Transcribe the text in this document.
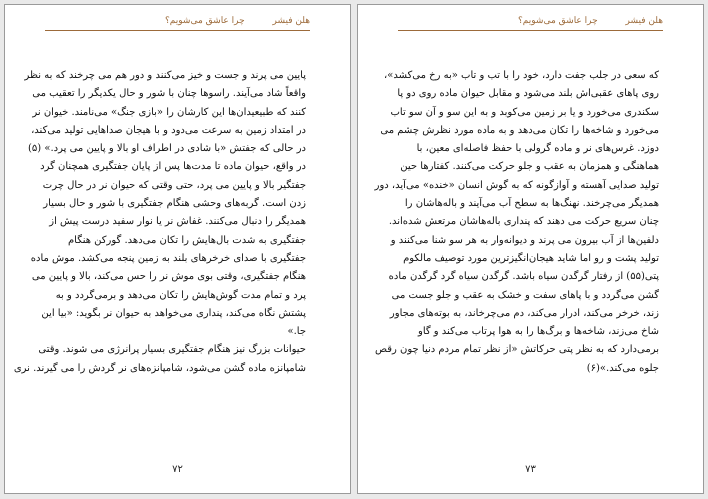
چرا عاشق می‌شویم؟	هلن فیشر
پایین می پرند و جست و خیز می‌کنند و دور هم می چرخند که به نظر
واقعاً شاد می‌آیند. راسوها چنان با شور و حال یکدیگر را تعقیب می
کنند که طبیعیدان‌ها این کارشان را «بازی جنگ» می‌نامند. خیوان نر
در امتداد زمین به سرعت می‌دود و با هیجان صداهایی تولید می‌کند،
در حالی که جفتش «با شادی در اطراف او بالا و پایین می پرد.» (۵)
در واقع، حیوان ماده تا مدت‌ها پس از پایان جفتگیری همچنان گرد
جفتگیر بالا و پایین می پرد، حتی وقتی که حیوان نر در حال چرت
زدن است. گربه‌های وحشی هنگام جفتگیری با شور و حال بسیار
همدیگر را دنبال می‌کنند. غفاش نر یا نوار سفید درست پیش از
جفتگیری به شدت بال‌هایش را تکان می‌دهد. گورکن هنگام
جفتگیری با صدای خرخرهای بلند به زمین پنجه می‌کشد. موش ماده
هنگام جفتگیری، وقتی بوی موش نر را حس می‌کند، بالا و پایین می
پرد و تمام مدت گوش‌هایش را تکان می‌دهد و برمی‌گردد و به
پشتش نگاه می‌کند، پنداری می‌خواهد به حیوان نر بگوید: «بیا این
جا.»
حیوانات بزرگ نیز هنگام جفتگیری بسیار پرانرژی می شوند. وقتی
شامپانزه ماده گشن می‌شود، شامپانزه‌های نر گردش را می گیرند. نری
۷۲
چرا عاشق می‌شویم؟	هلن فیشر
که سعی در جلب جفت دارد، خود را با تب و تاب «به رخ می‌کشد»،
روی پاهای عقبی‌اش بلند می‌شود و مقابل حیوان ماده روی دو پا
سکندری می‌خورد و یا بر زمین می‌کوبد و به این سو و آن سو تاب
می‌خورد و شاخه‌ها را تکان می‌دهد و به ماده مورد نظرش چشم می
دوزد. غرس‌های نر و ماده گرولی با حفظ فاصله‌ای معین، با
هماهنگی و همزمان به عقب و جلو حرکت می‌کنند. کفتارها حین
تولید صدایی آهسته و آوازگونه که به گوش انسان «خنده» می‌آید، دور
همدیگر می‌چرخند. نهنگ‌ها به سطح آب می‌آیند و باله‌هاشان را
چنان سریع حرکت می دهند که پنداری باله‌هاشان مرتعش شده‌اند.
دلفین‌ها از آب بیرون می پرند و دیوانه‌وار به هر سو شنا می‌کنند و
تولید پشت و رو اما شاید هیجان‌انگیزترین مورد توصیف مالکوم
پتی(۵۵) از رفتار گرگدن سیاه باشد. گرگدن سیاه گرد گرگدن ماده
گشن می‌گردد و با پاهای سفت و خشک به عقب و جلو جست می
زند، خرخر می‌کند، ادرار می‌کند، دم می‌چرخاند، به بوته‌های مجاور
شاخ می‌زند، شاخه‌ها و برگ‌ها را به هوا پرتاب می‌کند و گاو
برمی‌دارد که به نظر پتی حرکاتش «از نظر تمام مردم دنیا چون رقص
جلوه می‌کند.»(۶)
۷۳
